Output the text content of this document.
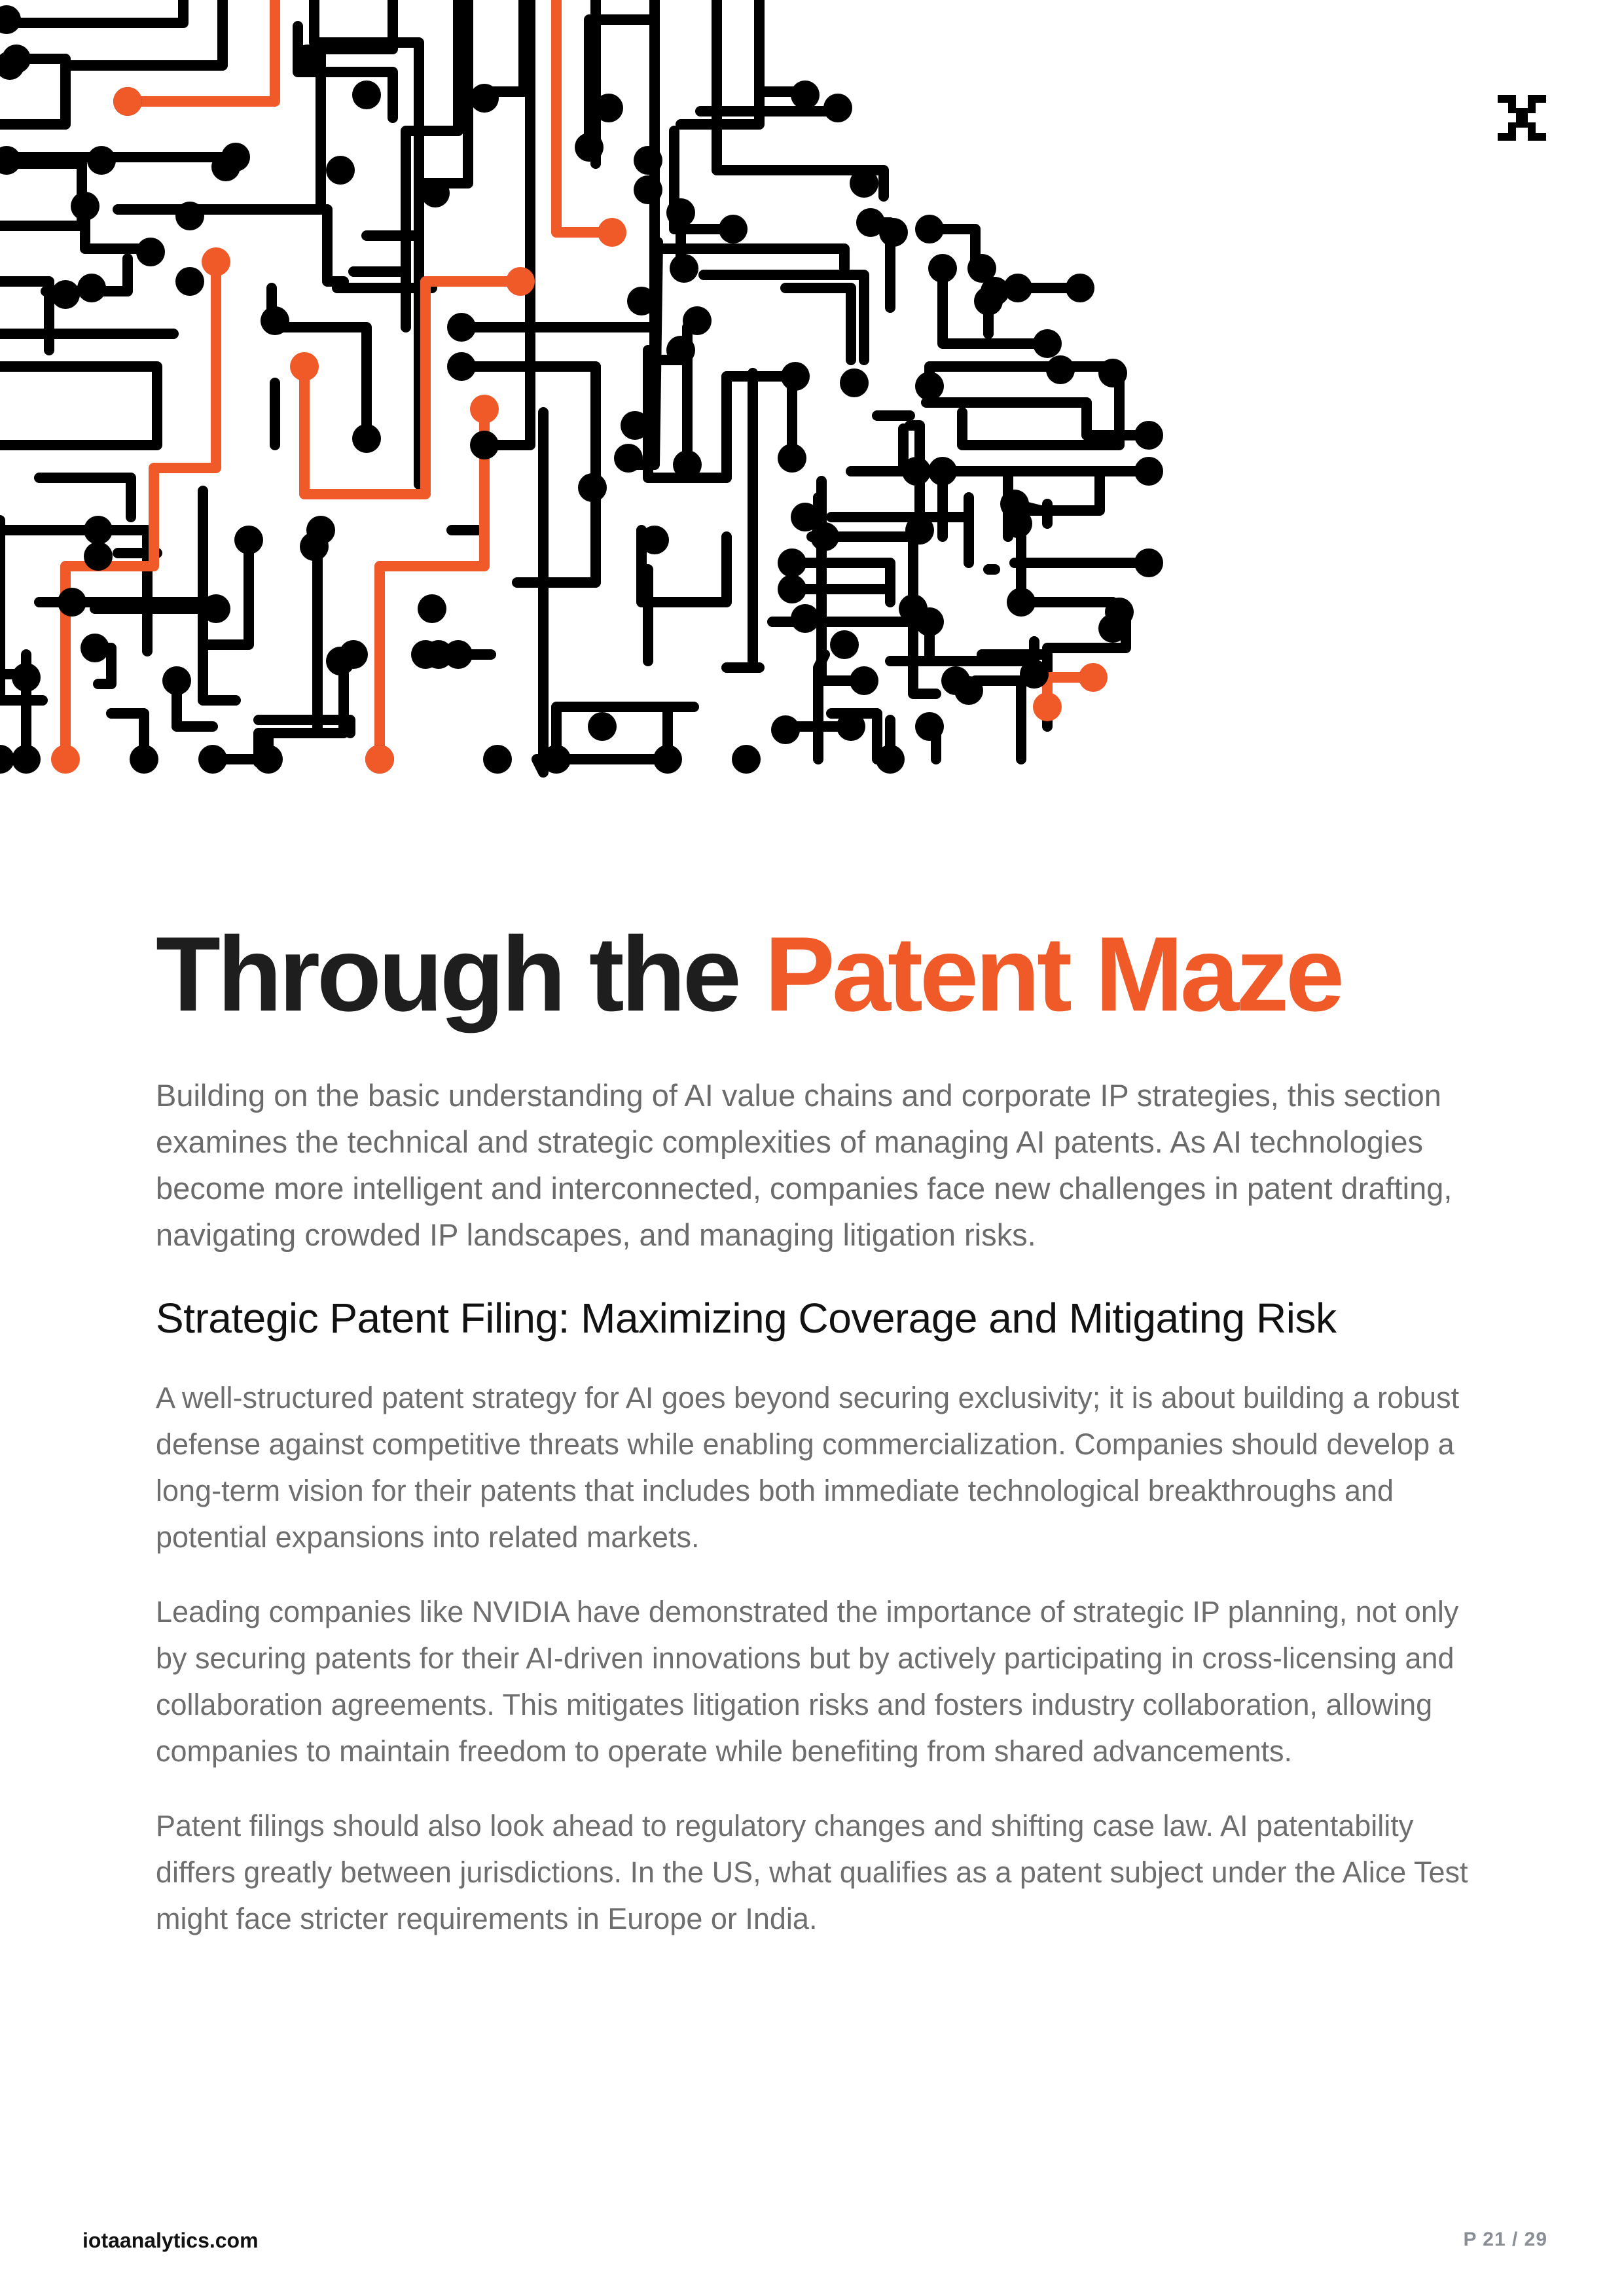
Through the Patent Maze

Building on the basic understanding of AI value chains and corporate IP strategies, this section examines the technical and strategic complexities of managing AI patents. As AI technologies become more intelligent and interconnected, companies face new challenges in patent drafting, navigating crowded IP landscapes, and managing litigation risks.

Strategic Patent Filing: Maximizing Coverage and Mitigating Risk

A well-structured patent strategy for AI goes beyond securing exclusivity; it is about building a robust defense against competitive threats while enabling commercialization. Companies should develop a long-term vision for their patents that includes both immediate technological breakthroughs and potential expansions into related markets.

Leading companies like NVIDIA have demonstrated the importance of strategic IP planning, not only by securing patents for their AI-driven innovations but by actively participating in cross-licensing and collaboration agreements. This mitigates litigation risks and fosters industry collaboration, allowing companies to maintain freedom to operate while benefiting from shared advancements.

Patent filings should also look ahead to regulatory changes and shifting case law. AI patentability differs greatly between jurisdictions. In the US, what qualifies as a patent subject under the Alice Test might face stricter requirements in Europe or India.

iotaanalytics.com	P 21 / 29
